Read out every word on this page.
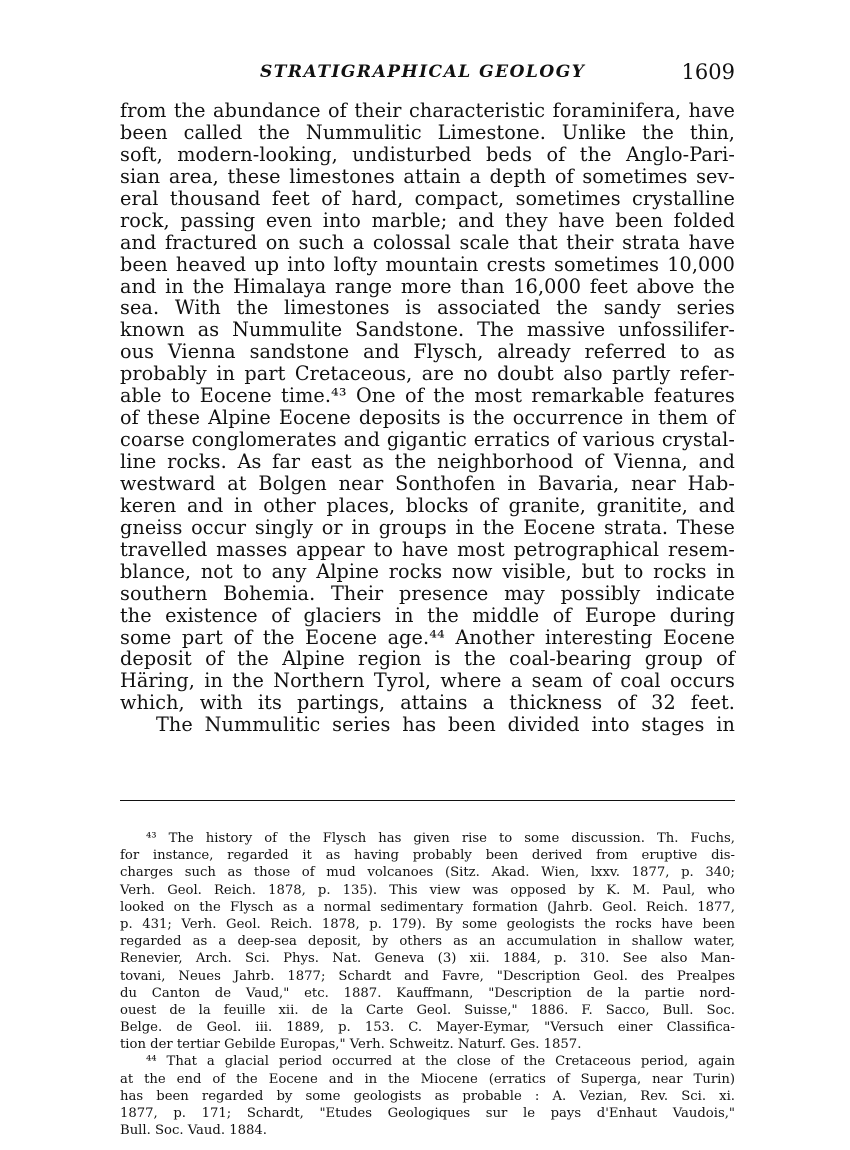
STRATIGRAPHICAL GEOLOGY	1609
from the abundance of their characteristic foraminifera, have
been called the Nummulitic Limestone. Unlike the thin,
soft, modern-looking, undisturbed beds of the Anglo-Pari-
sian area, these limestones attain a depth of sometimes sev-
eral thousand feet of hard, compact, sometimes crystalline
rock, passing even into marble; and they have been folded
and fractured on such a colossal scale that their strata have
been heaved up into lofty mountain crests sometimes 10,000
and in the Himalaya range more than 16,000 feet above the
sea. With the limestones is associated the sandy series
known as Nummulite Sandstone. The massive unfossilifer-
ous Vienna sandstone and Flysch, already referred to as
probably in part Cretaceous, are no doubt also partly refer-
able to Eocene time.⁴³ One of the most remarkable features
of these Alpine Eocene deposits is the occurrence in them of
coarse conglomerates and gigantic erratics of various crystal-
line rocks. As far east as the neighborhood of Vienna, and
westward at Bolgen near Sonthofen in Bavaria, near Hab-
keren and in other places, blocks of granite, granitite, and
gneiss occur singly or in groups in the Eocene strata. These
travelled masses appear to have most petrographical resem-
blance, not to any Alpine rocks now visible, but to rocks in
southern Bohemia. Their presence may possibly indicate
the existence of glaciers in the middle of Europe during
some part of the Eocene age.⁴⁴ Another interesting Eocene
deposit of the Alpine region is the coal-bearing group of
Häring, in the Northern Tyrol, where a seam of coal occurs
which, with its partings, attains a thickness of 32 feet.
The Nummulitic series has been divided into stages in
⁴³ The history of the Flysch has given rise to some discussion. Th. Fuchs,
for instance, regarded it as having probably been derived from eruptive dis-
charges such as those of mud volcanoes (Sitz. Akad. Wien, lxxv. 1877, p. 340;
Verh. Geol. Reich. 1878, p. 135). This view was opposed by K. M. Paul, who
looked on the Flysch as a normal sedimentary formation (Jahrb. Geol. Reich. 1877,
p. 431; Verh. Geol. Reich. 1878, p. 179). By some geologists the rocks have been
regarded as a deep-sea deposit, by others as an accumulation in shallow water,
Renevier, Arch. Sci. Phys. Nat. Geneva (3) xii. 1884, p. 310. See also Man-
tovani, Neues Jahrb. 1877; Schardt and Favre, "Description Geol. des Prealpes
du Canton de Vaud," etc. 1887. Kauffmann, "Description de la partie nord-
ouest de la feuille xii. de la Carte Geol. Suisse," 1886. F. Sacco, Bull. Soc.
Belge. de Geol. iii. 1889, p. 153. C. Mayer-Eymar, "Versuch einer Classifica-
tion der tertiar Gebilde Europas," Verh. Schweitz. Naturf. Ges. 1857.
⁴⁴ That a glacial period occurred at the close of the Cretaceous period, again
at the end of the Eocene and in the Miocene (erratics of Superga, near Turin)
has been regarded by some geologists as probable : A. Vezian, Rev. Sci. xi.
1877, p. 171; Schardt, "Etudes Geologiques sur le pays d'Enhaut Vaudois,"
Bull. Soc. Vaud. 1884.
